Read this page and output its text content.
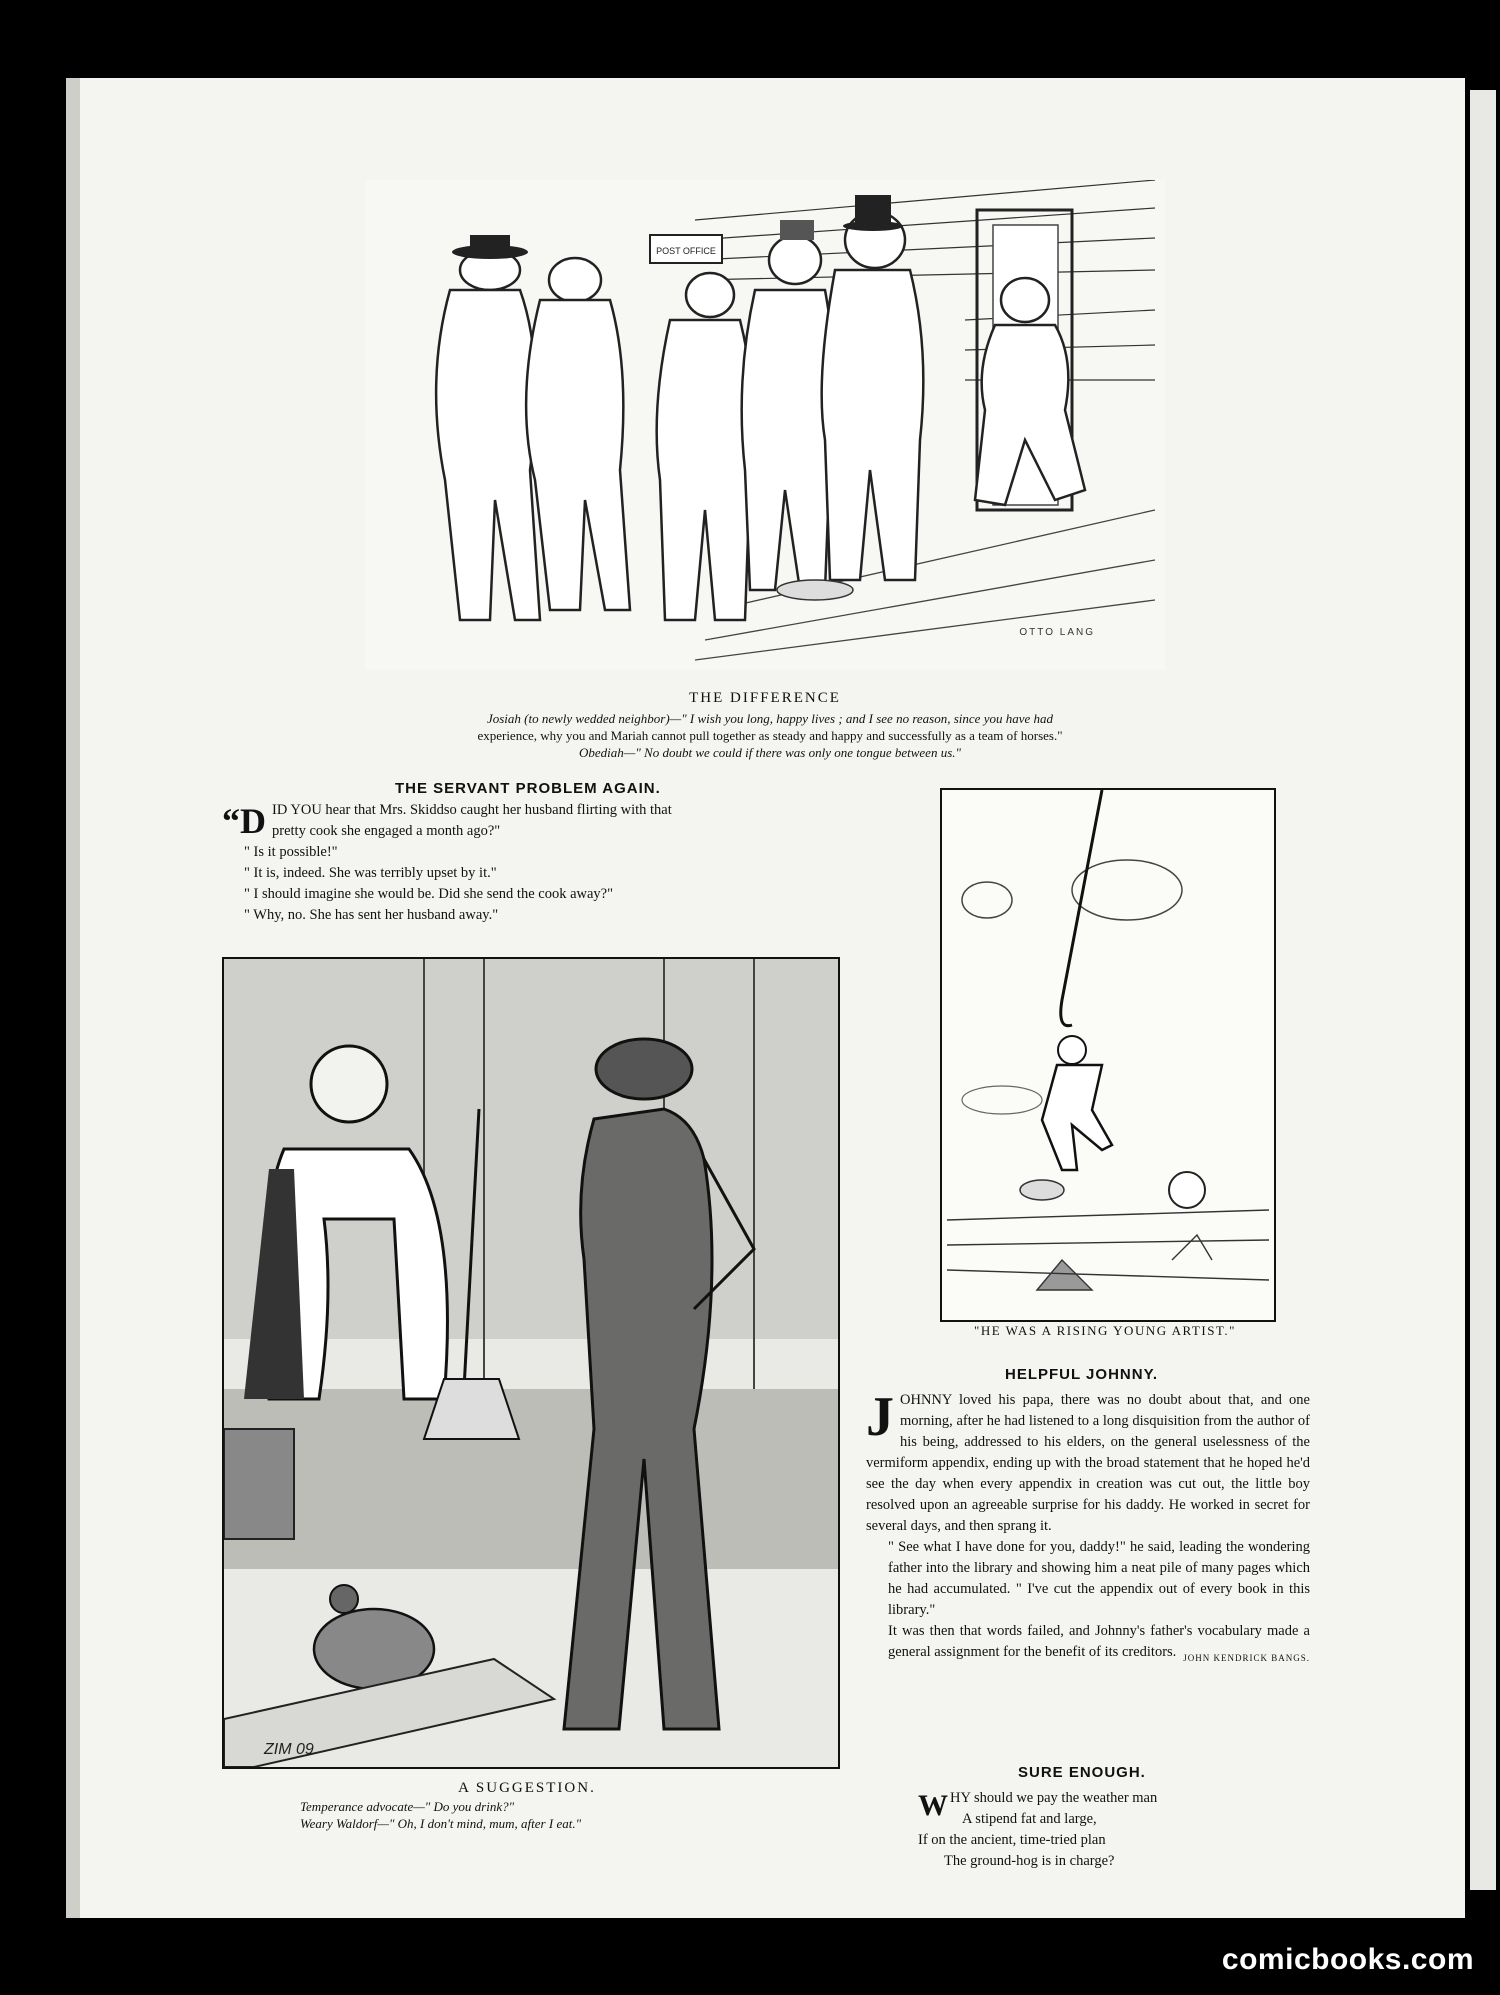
POST OFFICE
OTTO LANG
THE DIFFERENCE
Josiah (to newly wedded neighbor)—" I wish you long, happy lives ; and I see no reason, since you have had
experience, why you and Mariah cannot pull together as steady and happy and successfully as a team of horses."
Obediah—" No doubt we could if there was only one tongue between us."
THE SERVANT PROBLEM AGAIN.
“D ID YOU hear that Mrs. Skiddso caught her husband flirting with that

pretty cook she engaged a month ago?"

" Is it possible!"

" It is, indeed. She was terribly upset by it."

" I should imagine she would be. Did she send the cook away?"

" Why, no. She has sent her husband away."

"HE WAS A RISING YOUNG ARTIST."
ZIM 09.
A SUGGESTION.
Temperance advocate—" Do you drink?"
Weary Waldorf—" Oh, I don't mind, mum, after I eat."
HELPFUL JOHNNY.

JOHNNY loved his papa, there was no doubt about that, and one morning, after he had listened to a long disquisition from the author of his being, addressed to his elders, on the general uselessness of the vermiform appendix, ending up with the broad statement that he hoped he'd see the day when every appendix in creation was cut out, the little boy resolved upon an agreeable surprise for his daddy. He worked in secret for several days, and then sprang it.

" See what I have done for you, daddy!" he said, leading the wondering father into the library and showing him a neat pile of many pages which he had accumulated. " I've cut the appendix out of every book in this library."

It was then that words failed, and Johnny's father's vocabulary made a general assignment for the benefit of its creditors. JOHN KENDRICK BANGS.

SURE ENOUGH.
W HY should we pay the weather man

A stipend fat and large,

If on the ancient, time-tried plan

The ground-hog is in charge?

comicbooks.com
